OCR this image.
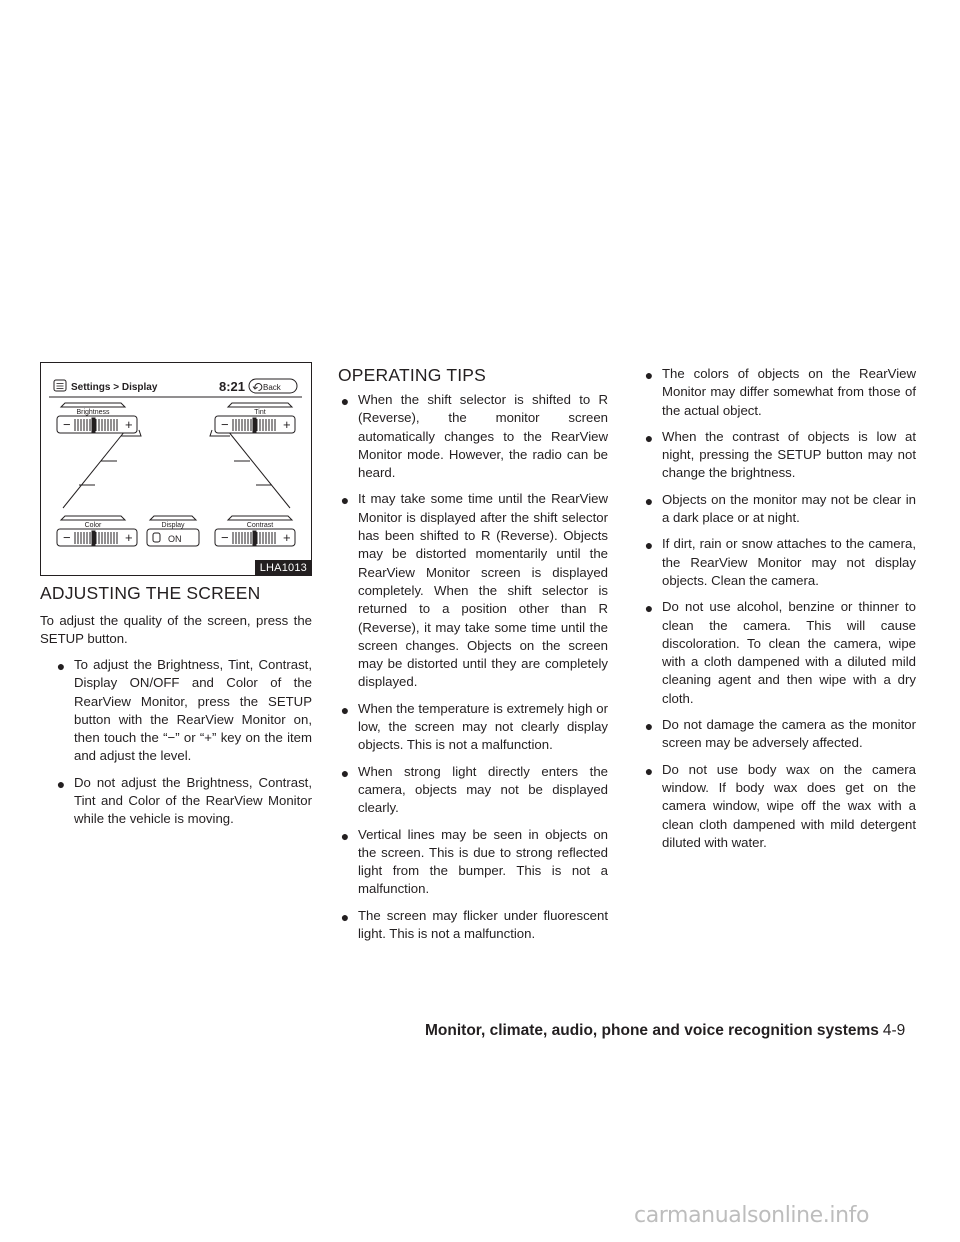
Settings > Display	8:21 Back
Brightness
−	+
Tint
−	+
Color
−	+
Display
ON
Contrast
−	+
LHA1013
ADJUSTING THE SCREEN

To adjust the quality of the screen, press the SETUP button.

● To adjust the Brightness, Tint, Contrast, Display ON/OFF and Color of the RearView Monitor, press the SETUP button with the RearView Monitor on, then touch the “−” or “+” key on the item and adjust the level.
● Do not adjust the Brightness, Contrast, Tint and Color of the RearView Monitor while the vehicle is moving.
OPERATING TIPS
● When the shift selector is shifted to R (Reverse), the monitor screen automatically changes to the RearView Monitor mode. However, the radio can be heard.
● It may take some time until the RearView Monitor is displayed after the shift selector has been shifted to R (Reverse). Objects may be distorted momentarily until the RearView Monitor screen is displayed completely. When the shift selector is returned to a position other than R (Reverse), it may take some time until the screen changes. Objects on the screen may be distorted until they are completely displayed.
● When the temperature is extremely high or low, the screen may not clearly display objects. This is not a malfunction.
● When strong light directly enters the camera, objects may not be displayed clearly.
● Vertical lines may be seen in objects on the screen. This is due to strong reflected light from the bumper. This is not a malfunction.
● The screen may flicker under fluorescent light. This is not a malfunction.
● The colors of objects on the RearView Monitor may differ somewhat from those of the actual object.
● When the contrast of objects is low at night, pressing the SETUP button may not change the brightness.
● Objects on the monitor may not be clear in a dark place or at night.
● If dirt, rain or snow attaches to the camera, the RearView Monitor may not display objects. Clean the camera.
● Do not use alcohol, benzine or thinner to clean the camera. This will cause discoloration. To clean the camera, wipe with a cloth dampened with a diluted mild cleaning agent and then wipe with a dry cloth.
● Do not damage the camera as the monitor screen may be adversely affected.
● Do not use body wax on the camera window. If body wax does get on the camera window, wipe off the wax with a clean cloth dampened with mild detergent diluted with water.
Monitor, climate, audio, phone and voice recognition systems 4-9
carmanualsonline.info
